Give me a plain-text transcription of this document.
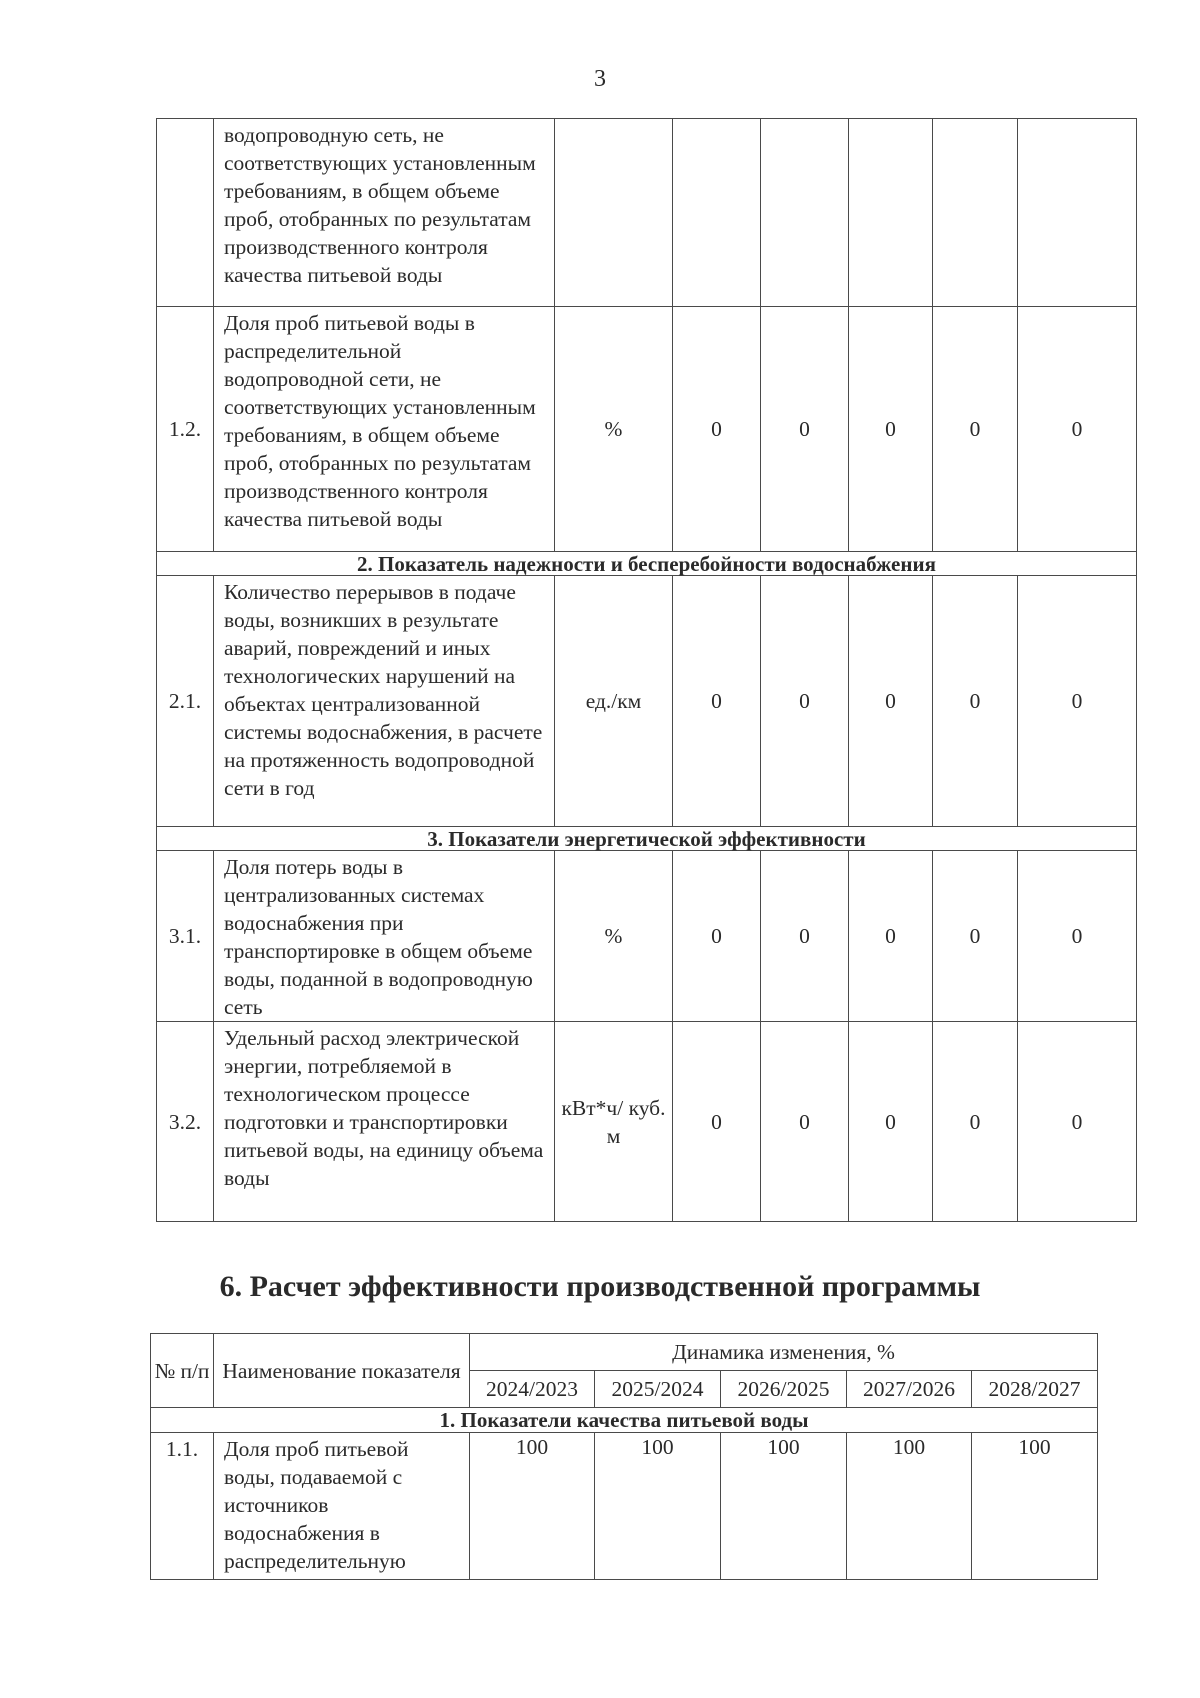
3
	водопроводную сеть, не соответствующих установленным требованиям, в общем объеме проб, отобранных по результатам производственного контроля качества питьевой воды						
1.2.	Доля проб питьевой воды в распределительной водопроводной сети, не соответствующих установленным требованиям, в общем объеме проб, отобранных по результатам производственного контроля качества питьевой воды	%	0	0	0	0	0
2. Показатель надежности и бесперебойности водоснабжения							
2.1.	Количество перерывов в подаче воды, возникших в результате аварий, повреждений и иных технологических нарушений на объектах централизованной системы водоснабжения, в расчете на протяженность водопроводной сети в год	ед./км	0	0	0	0	0
3. Показатели энергетической эффективности							
3.1.	Доля потерь воды в централизованных системах водоснабжения при транспортировке в общем объеме воды, поданной в водопроводную сеть	%	0	0	0	0	0
3.2.	Удельный расход электрической энергии, потребляемой в технологическом процессе подготовки и транспортировки питьевой воды, на единицу объема воды	кВт*ч/ куб. м	0	0	0	0	0
6. Расчет эффективности производственной программы
№ п/п	Наименование показателя	Динамика изменения, %				
		2024/2023	2025/2024	2026/2025	2027/2026	2028/2027
1. Показатели качества питьевой воды						
1.1.	Доля проб питьевой воды, подаваемой с источников водоснабжения в распределительную	100	100	100	100	100
